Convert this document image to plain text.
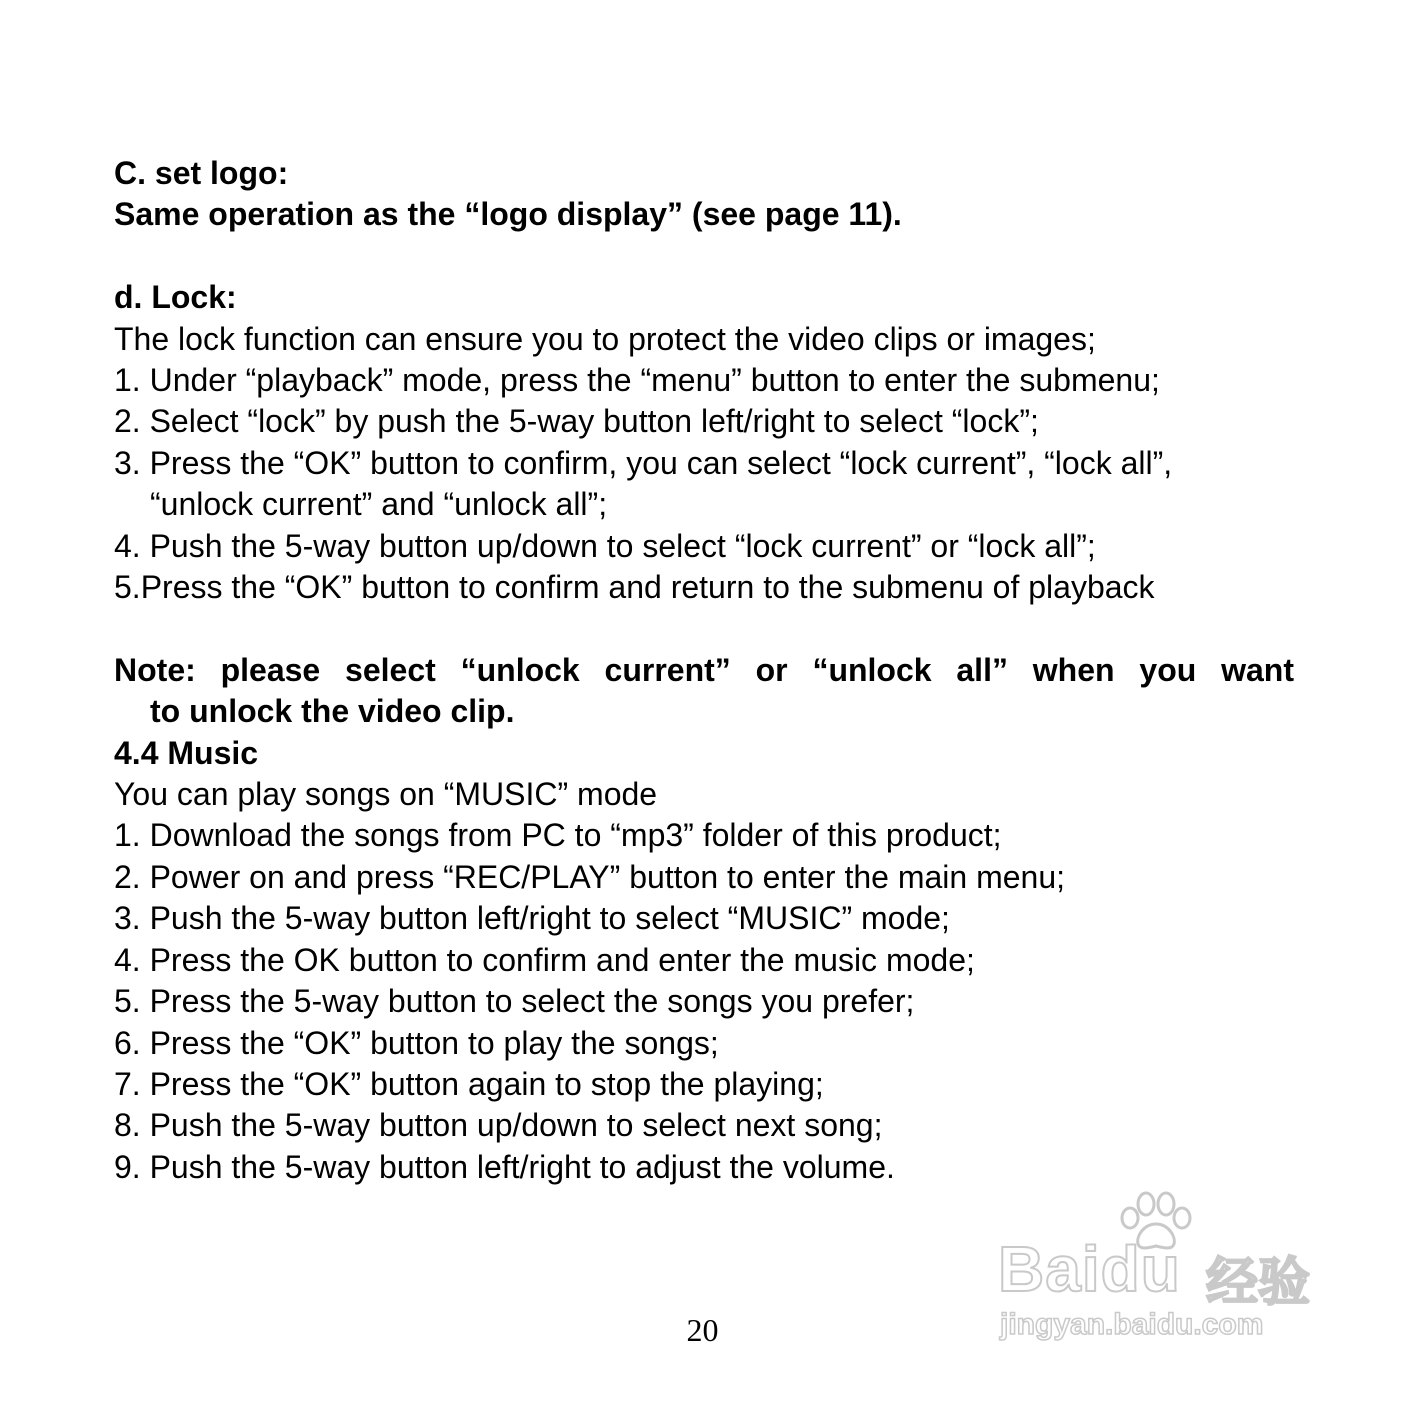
C. set logo:
Same operation as the “logo display” (see page 11).
d. Lock:
The lock function can ensure you to protect the video clips or images;
1. Under “playback” mode, press the “menu” button to enter the submenu;
2. Select “lock” by push the 5-way button left/right to select “lock”;
3. Press the “OK” button to confirm, you can select “lock current”, “lock all”,
“unlock current” and “unlock all”;
4. Push the 5-way button up/down to select “lock current” or “lock all”;
5.Press the “OK” button to confirm and return to the submenu of playback
Note: please select “unlock current” or “unlock all” when you want
to unlock the video clip.
4.4 Music
You can play songs on “MUSIC” mode
1. Download the songs from PC to “mp3” folder of this product;
2. Power on and press “REC/PLAY” button to enter the main menu;
3. Push the 5-way button left/right to select “MUSIC” mode;
4. Press the OK button to confirm and enter the music mode;
5. Press the 5-way button to select the songs you prefer;
6. Press the “OK” button to play the songs;
7. Press the “OK” button again to stop the playing;
8. Push the 5-way button up/down to select next song;
9. Push the 5-way button left/right to adjust the volume.
20
Baidu 经验
jingyan.baidu.com
